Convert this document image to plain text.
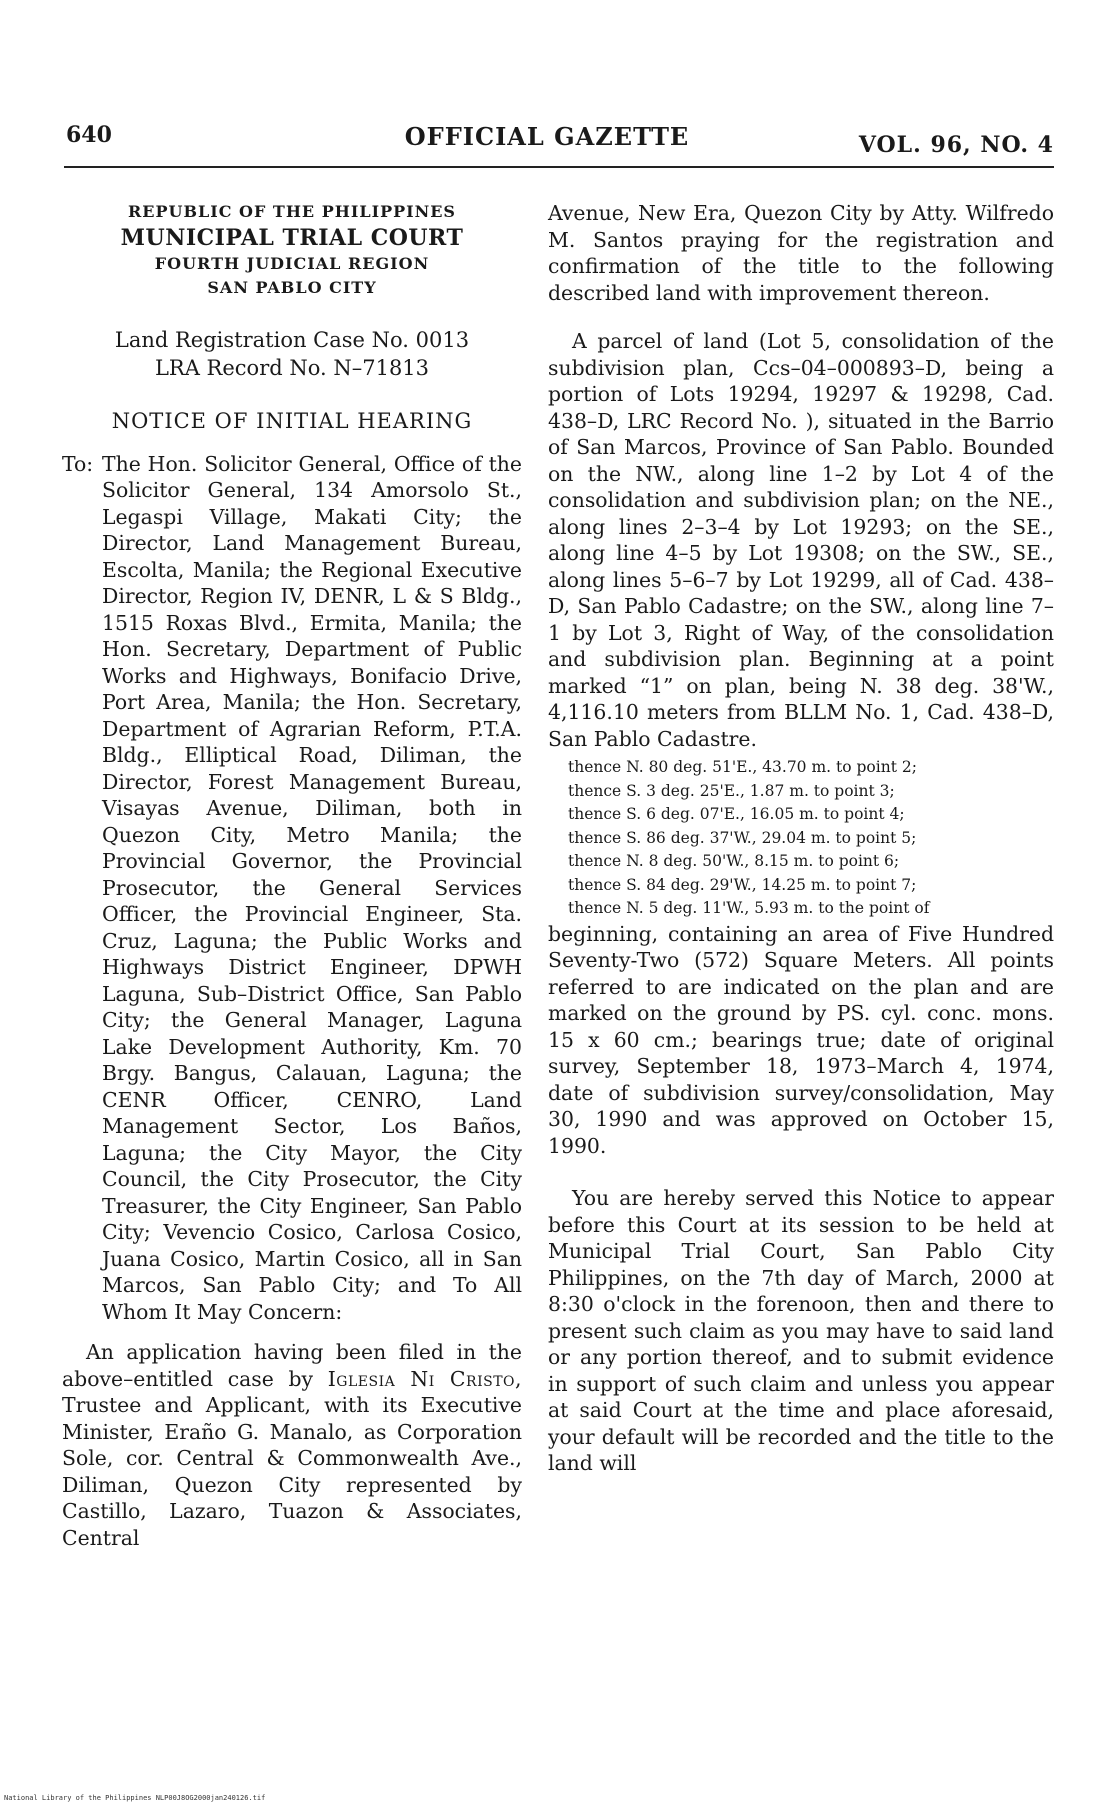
640	OFFICIAL GAZETTE	VOL. 96, NO. 4
REPUBLIC OF THE PHILIPPINES
MUNICIPAL TRIAL COURT
FOURTH JUDICIAL REGION
SAN PABLO CITY
Land Registration Case No. 0013
LRA Record No. N–71813
NOTICE OF INITIAL HEARING
To: The Hon. Solicitor General, Office of the Solicitor General, 134 Amorsolo St., Legaspi Village, Makati City; the Director, Land Management Bureau, Escolta, Manila; the Regional Executive Director, Region IV, DENR, L & S Bldg., 1515 Roxas Blvd., Ermita, Manila; the Hon. Secretary, Department of Public Works and Highways, Bonifacio Drive, Port Area, Manila; the Hon. Secretary, Department of Agrarian Reform, P.T.A. Bldg., Elliptical Road, Diliman, the Director, Forest Management Bureau, Visayas Avenue, Diliman, both in Quezon City, Metro Manila; the Provincial Governor, the Provincial Prosecutor, the General Services Officer, the Provincial Engineer, Sta. Cruz, Laguna; the Public Works and Highways District Engineer, DPWH Laguna, Sub–District Office, San Pablo City; the General Manager, Laguna Lake Development Authority, Km. 70 Brgy. Bangus, Calauan, Laguna; the CENR Officer, CENRO, Land Management Sector, Los Baños, Laguna; the City Mayor, the City Council, the City Prosecutor, the City Treasurer, the City Engineer, San Pablo City; Vevencio Cosico, Carlosa Cosico, Juana Cosico, Martin Cosico, all in San Marcos, San Pablo City; and To All Whom It May Concern:

An application having been filed in the above–entitled case by Iglesia Ni Cristo, Trustee and Applicant, with its Executive Minister, Eraño G. Manalo, as Corporation Sole, cor. Central & Commonwealth Ave., Diliman, Quezon City represented by Castillo, Lazaro, Tuazon & Associates, Central

Avenue, New Era, Quezon City by Atty. Wilfredo M. Santos praying for the registration and confirmation of the title to the following described land with improvement thereon.

A parcel of land (Lot 5, consolidation of the subdivision plan, Ccs–04–000893–D, being a portion of Lots 19294, 19297 & 19298, Cad. 438–D, LRC Record No. ), situated in the Barrio of San Marcos, Province of San Pablo. Bounded on the NW., along line 1–2 by Lot 4 of the consolidation and subdivision plan; on the NE., along lines 2–3–4 by Lot 19293; on the SE., along line 4–5 by Lot 19308; on the SW., SE., along lines 5–6–7 by Lot 19299, all of Cad. 438–D, San Pablo Cadastre; on the SW., along line 7–1 by Lot 3, Right of Way, of the consolidation and subdivision plan. Beginning at a point marked “1” on plan, being N. 38 deg. 38'W., 4,116.10 meters from BLLM No. 1, Cad. 438–D, San Pablo Cadastre.

thence N. 80 deg. 51'E., 43.70 m. to point 2;
thence S. 3 deg. 25'E., 1.87 m. to point 3;
thence S. 6 deg. 07'E., 16.05 m. to point 4;
thence S. 86 deg. 37'W., 29.04 m. to point 5;
thence N. 8 deg. 50'W., 8.15 m. to point 6;
thence S. 84 deg. 29'W., 14.25 m. to point 7;
thence N. 5 deg. 11'W., 5.93 m. to the point of

beginning, containing an area of Five Hundred Seventy-Two (572) Square Meters. All points referred to are indicated on the plan and are marked on the ground by PS. cyl. conc. mons. 15 x 60 cm.; bearings true; date of original survey, September 18, 1973–March 4, 1974, date of subdivision survey/consolidation, May 30, 1990 and was approved on October 15, 1990.

You are hereby served this Notice to appear before this Court at its session to be held at Municipal Trial Court, San Pablo City Philippines, on the 7th day of March, 2000 at 8:30 o'clock in the forenoon, then and there to present such claim as you may have to said land or any portion thereof, and to submit evidence in support of such claim and unless you appear at said Court at the time and place aforesaid, your default will be recorded and the title to the land will

National Library of the Philippines NLP00J8OG2000jan240126.tif
